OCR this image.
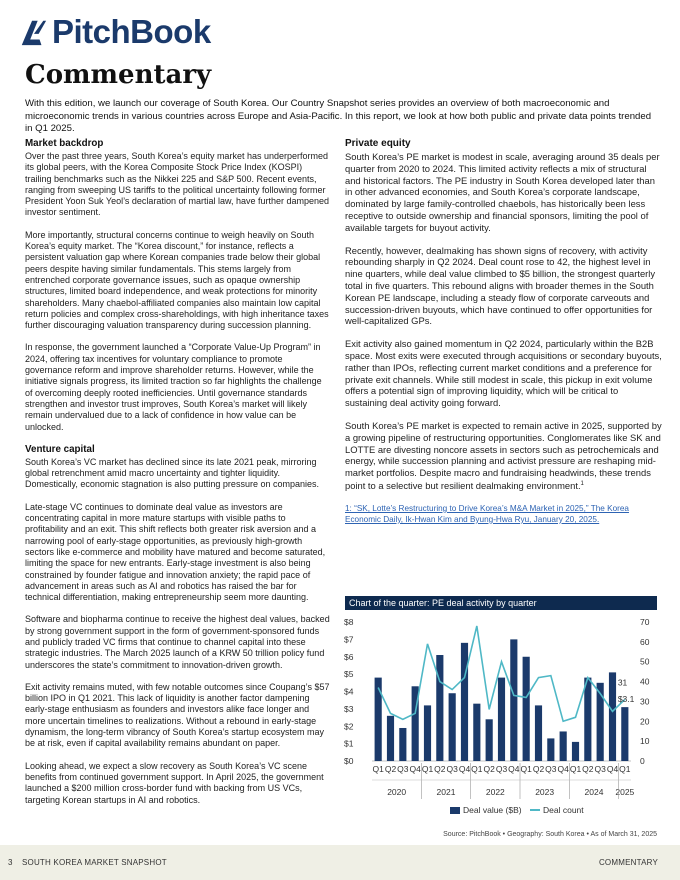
PitchBook
Commentary

With this edition, we launch our coverage of South Korea. Our Country Snapshot series provides an overview of both macroeconomic and microeconomic trends in various countries across Europe and Asia-Pacific. In this report, we look at how both public and private data points trended in Q1 2025.

Market backdrop

Over the past three years, South Korea’s equity market has underperformed its global peers, with the Korea Composite Stock Price Index (KOSPI) trailing benchmarks such as the Nikkei 225 and S&P 500. Recent events, ranging from sweeping US tariffs to the political uncertainty following former President Yoon Suk Yeol’s declaration of martial law, have further dampened investor sentiment.

More importantly, structural concerns continue to weigh heavily on South Korea’s equity market. The “Korea discount,” for instance, reflects a persistent valuation gap where Korean companies trade below their global peers despite having similar fundamentals. This stems largely from entrenched corporate governance issues, such as opaque ownership structures, limited board independence, and weak protections for minority shareholders. Many chaebol-affiliated companies also maintain low capital return policies and complex cross-shareholdings, with high inheritance taxes further discouraging valuation transparency during succession planning.

In response, the government launched a “Corporate Value-Up Program” in 2024, offering tax incentives for voluntary compliance to promote governance reform and improve shareholder returns. However, while the initiative signals progress, its limited traction so far highlights the challenge of overcoming deeply rooted inefficiencies. Until governance standards strengthen and investor trust improves, South Korea’s market will likely remain undervalued due to a lack of confidence in how value can be unlocked.

Venture capital

South Korea’s VC market has declined since its late 2021 peak, mirroring global retrenchment amid macro uncertainty and tighter liquidity. Domestically, economic stagnation is also putting pressure on companies.

Late-stage VC continues to dominate deal value as investors are concentrating capital in more mature startups with visible paths to profitability and an exit. This shift reflects both greater risk aversion and a narrowing pool of early-stage opportunities, as previously high-growth sectors like e-commerce and mobility have matured and become saturated, limiting the space for new entrants. Early-stage investment is also being constrained by founder fatigue and innovation anxiety; the rapid pace of advancement in areas such as AI and robotics has raised the bar for technical differentiation, making entrepreneurship seem more daunting.

Software and biopharma continue to receive the highest deal values, backed by strong government support in the form of government-sponsored funds and publicly traded VC firms that continue to channel capital into these strategic industries. The March 2025 launch of a KRW 50 trillion policy fund underscores the state’s commitment to innovation-driven growth.

Exit activity remains muted, with few notable outcomes since Coupang’s $57 billion IPO in Q1 2021. This lack of liquidity is another factor dampening early-stage enthusiasm as founders and investors alike face longer and more uncertain timelines to realizations. Without a rebound in early-stage dynamism, the long-term vibrancy of South Korea’s startup ecosystem may be at risk, even if capital availability remains abundant on paper.

Looking ahead, we expect a slow recovery as South Korea’s VC scene benefits from continued government support. In April 2025, the government launched a $200 million cross-border fund with backing from US VCs, targeting Korean startups in AI and robotics.

Private equity

South Korea’s PE market is modest in scale, averaging around 35 deals per quarter from 2020 to 2024. This limited activity reflects a mix of structural and historical factors. The PE industry in South Korea developed later than in other advanced economies, and South Korea’s corporate landscape, dominated by large family-controlled chaebols, has historically been less receptive to outside ownership and financial sponsors, limiting the pool of available targets for buyout activity.

Recently, however, dealmaking has shown signs of recovery, with activity rebounding sharply in Q2 2024. Deal count rose to 42, the highest level in nine quarters, while deal value climbed to $5 billion, the strongest quarterly total in five quarters. This rebound aligns with broader themes in the South Korean PE landscape, including a steady flow of corporate carveouts and succession-driven buyouts, which have continued to offer opportunities for well-capitalized GPs.

Exit activity also gained momentum in Q2 2024, particularly within the B2B space. Most exits were executed through acquisitions or secondary buyouts, rather than IPOs, reflecting current market conditions and a preference for private exit channels. While still modest in scale, this pickup in exit volume offers a potential sign of improving liquidity, which will be critical to sustaining deal activity going forward.

South Korea’s PE market is expected to remain active in 2025, supported by a growing pipeline of restructuring opportunities. Conglomerates like SK and LOTTE are divesting noncore assets in sectors such as petrochemicals and energy, while succession planning and activist pressure are reshaping mid-market portfolios. Despite macro and fundraising headwinds, these trends point to a selective but resilient dealmaking environment.$^1$

1: “SK, Lotte’s Restructuring to Drive Korea’s M&A Market in 2025,” The Korea Economic Daily, Ik-Hwan Kim and Byung-Hwa Ryu, January 20, 2025.

Chart of the quarter: PE deal activity by quarter
$0
$1
$2
$3
$4
$5
$6
$7
$8
0
10
20
30
40
50
60
70
31
$3.1
Q1 Q2 Q3 Q4 Q1 Q2 Q3 Q4 Q1 Q2 Q3 Q4 Q1 Q2 Q3 Q4 Q1 Q2 Q3 Q4 Q1
2020	2021	2022	2023	2024 2025
Deal value ($B)	Deal count
Source: PitchBook • Geography: South Korea • As of March 31, 2025
3 SOUTH KOREA MARKET SNAPSHOT	COMMENTARY
